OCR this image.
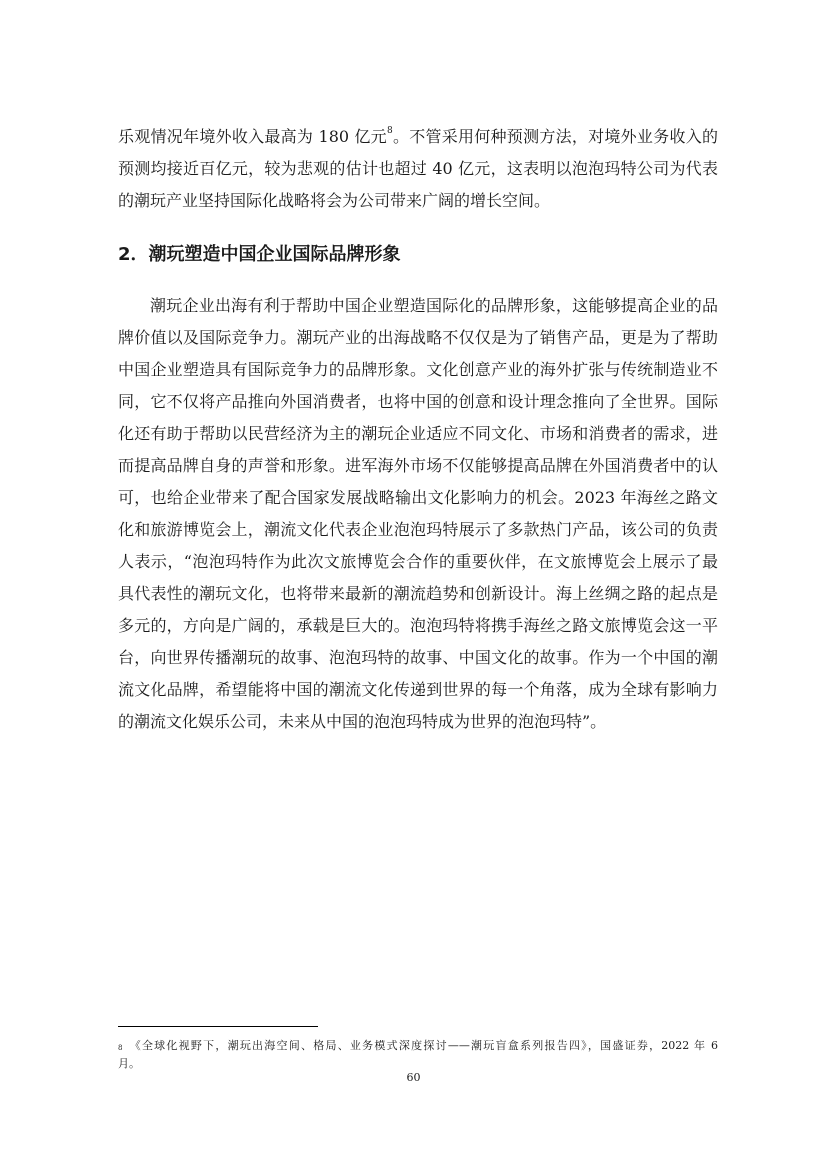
乐观情况年境外收入最高为 180 亿元$^8$。不管采用何种预测方法，对境外业务收入的
预测均接近百亿元，较为悲观的估计也超过 40 亿元，这表明以泡泡玛特公司为代表
的潮玩产业坚持国际化战略将会为公司带来广阔的增长空间。
2．潮玩塑造中国企业国际品牌形象
潮玩企业出海有利于帮助中国企业塑造国际化的品牌形象，这能够提高企业的品
牌价值以及国际竞争力。潮玩产业的出海战略不仅仅是为了销售产品，更是为了帮助
中国企业塑造具有国际竞争力的品牌形象。文化创意产业的海外扩张与传统制造业不
同，它不仅将产品推向外国消费者，也将中国的创意和设计理念推向了全世界。国际
化还有助于帮助以民营经济为主的潮玩企业适应不同文化、市场和消费者的需求，进
而提高品牌自身的声誉和形象。进军海外市场不仅能够提高品牌在外国消费者中的认
可，也给企业带来了配合国家发展战略输出文化影响力的机会。2023 年海丝之路文
化和旅游博览会上，潮流文化代表企业泡泡玛特展示了多款热门产品，该公司的负责
人表示，“泡泡玛特作为此次文旅博览会合作的重要伙伴，在文旅博览会上展示了最
具代表性的潮玩文化，也将带来最新的潮流趋势和创新设计。海上丝绸之路的起点是
多元的，方向是广阔的，承载是巨大的。泡泡玛特将携手海丝之路文旅博览会这一平
台，向世界传播潮玩的故事、泡泡玛特的故事、中国文化的故事。作为一个中国的潮
流文化品牌，希望能将中国的潮流文化传递到世界的每一个角落，成为全球有影响力
的潮流文化娱乐公司，未来从中国的泡泡玛特成为世界的泡泡玛特”。
$^8$ 《全球化视野下，潮玩出海空间、格局、业务模式深度探讨——潮玩盲盒系列报告四》，国盛证券，2022 年 6
月。
60
